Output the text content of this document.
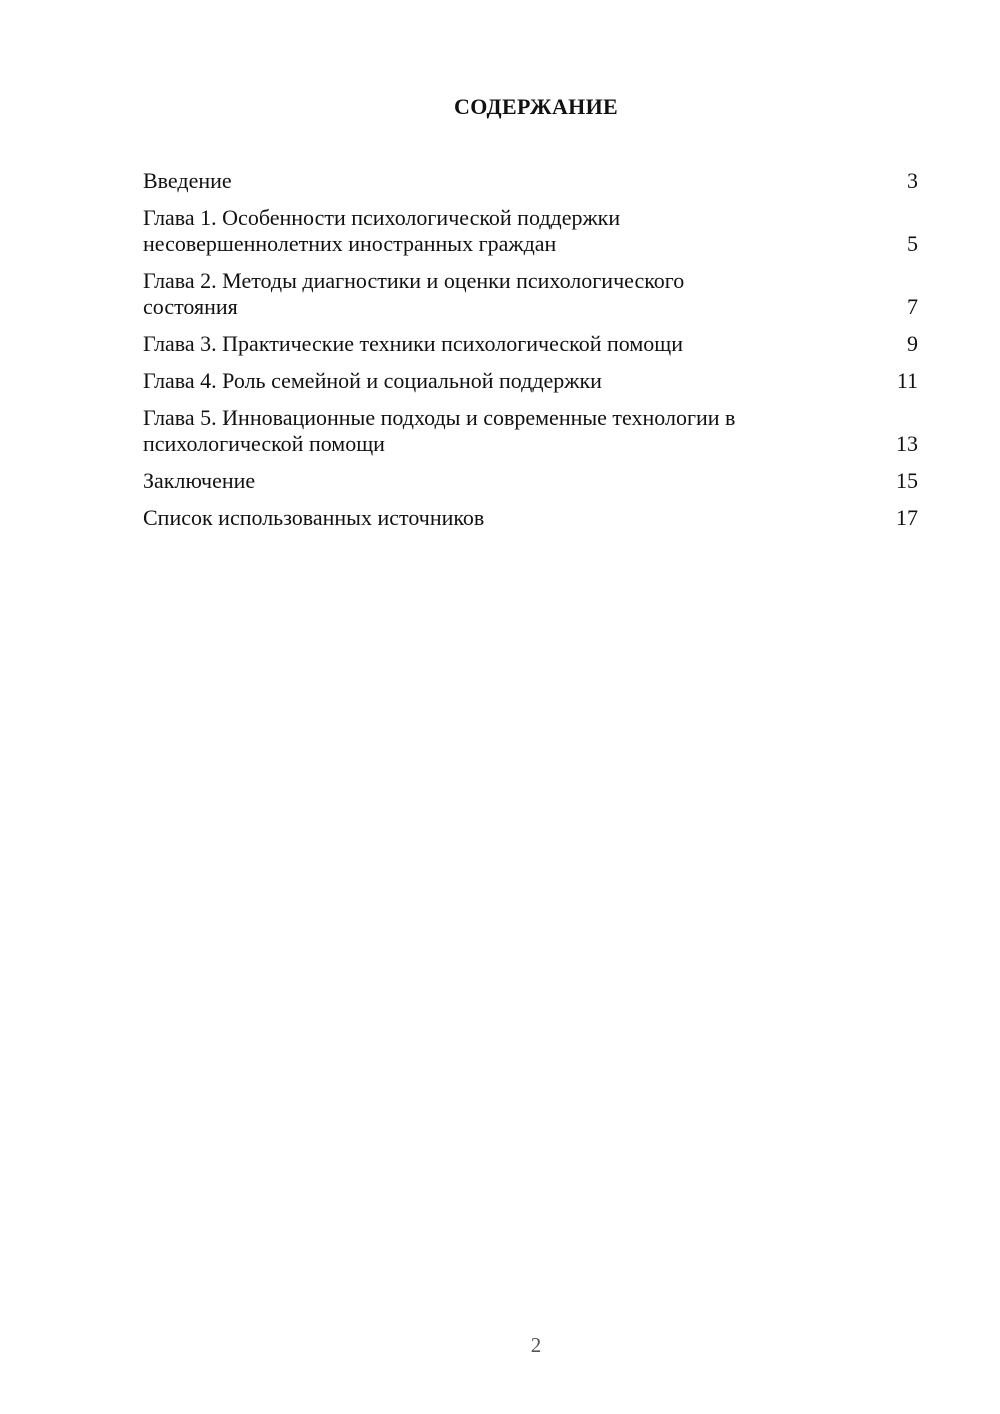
СОДЕРЖАНИЕ
Введение	3
Глава 1. Особенности психологической поддержки
несовершеннолетних иностранных граждан	5
Глава 2. Методы диагностики и оценки психологического
состояния	7
Глава 3. Практические техники психологической помощи	9
Глава 4. Роль семейной и социальной поддержки	11
Глава 5. Инновационные подходы и современные технологии в
психологической помощи	13
Заключение	15
Список использованных источников	17
2
